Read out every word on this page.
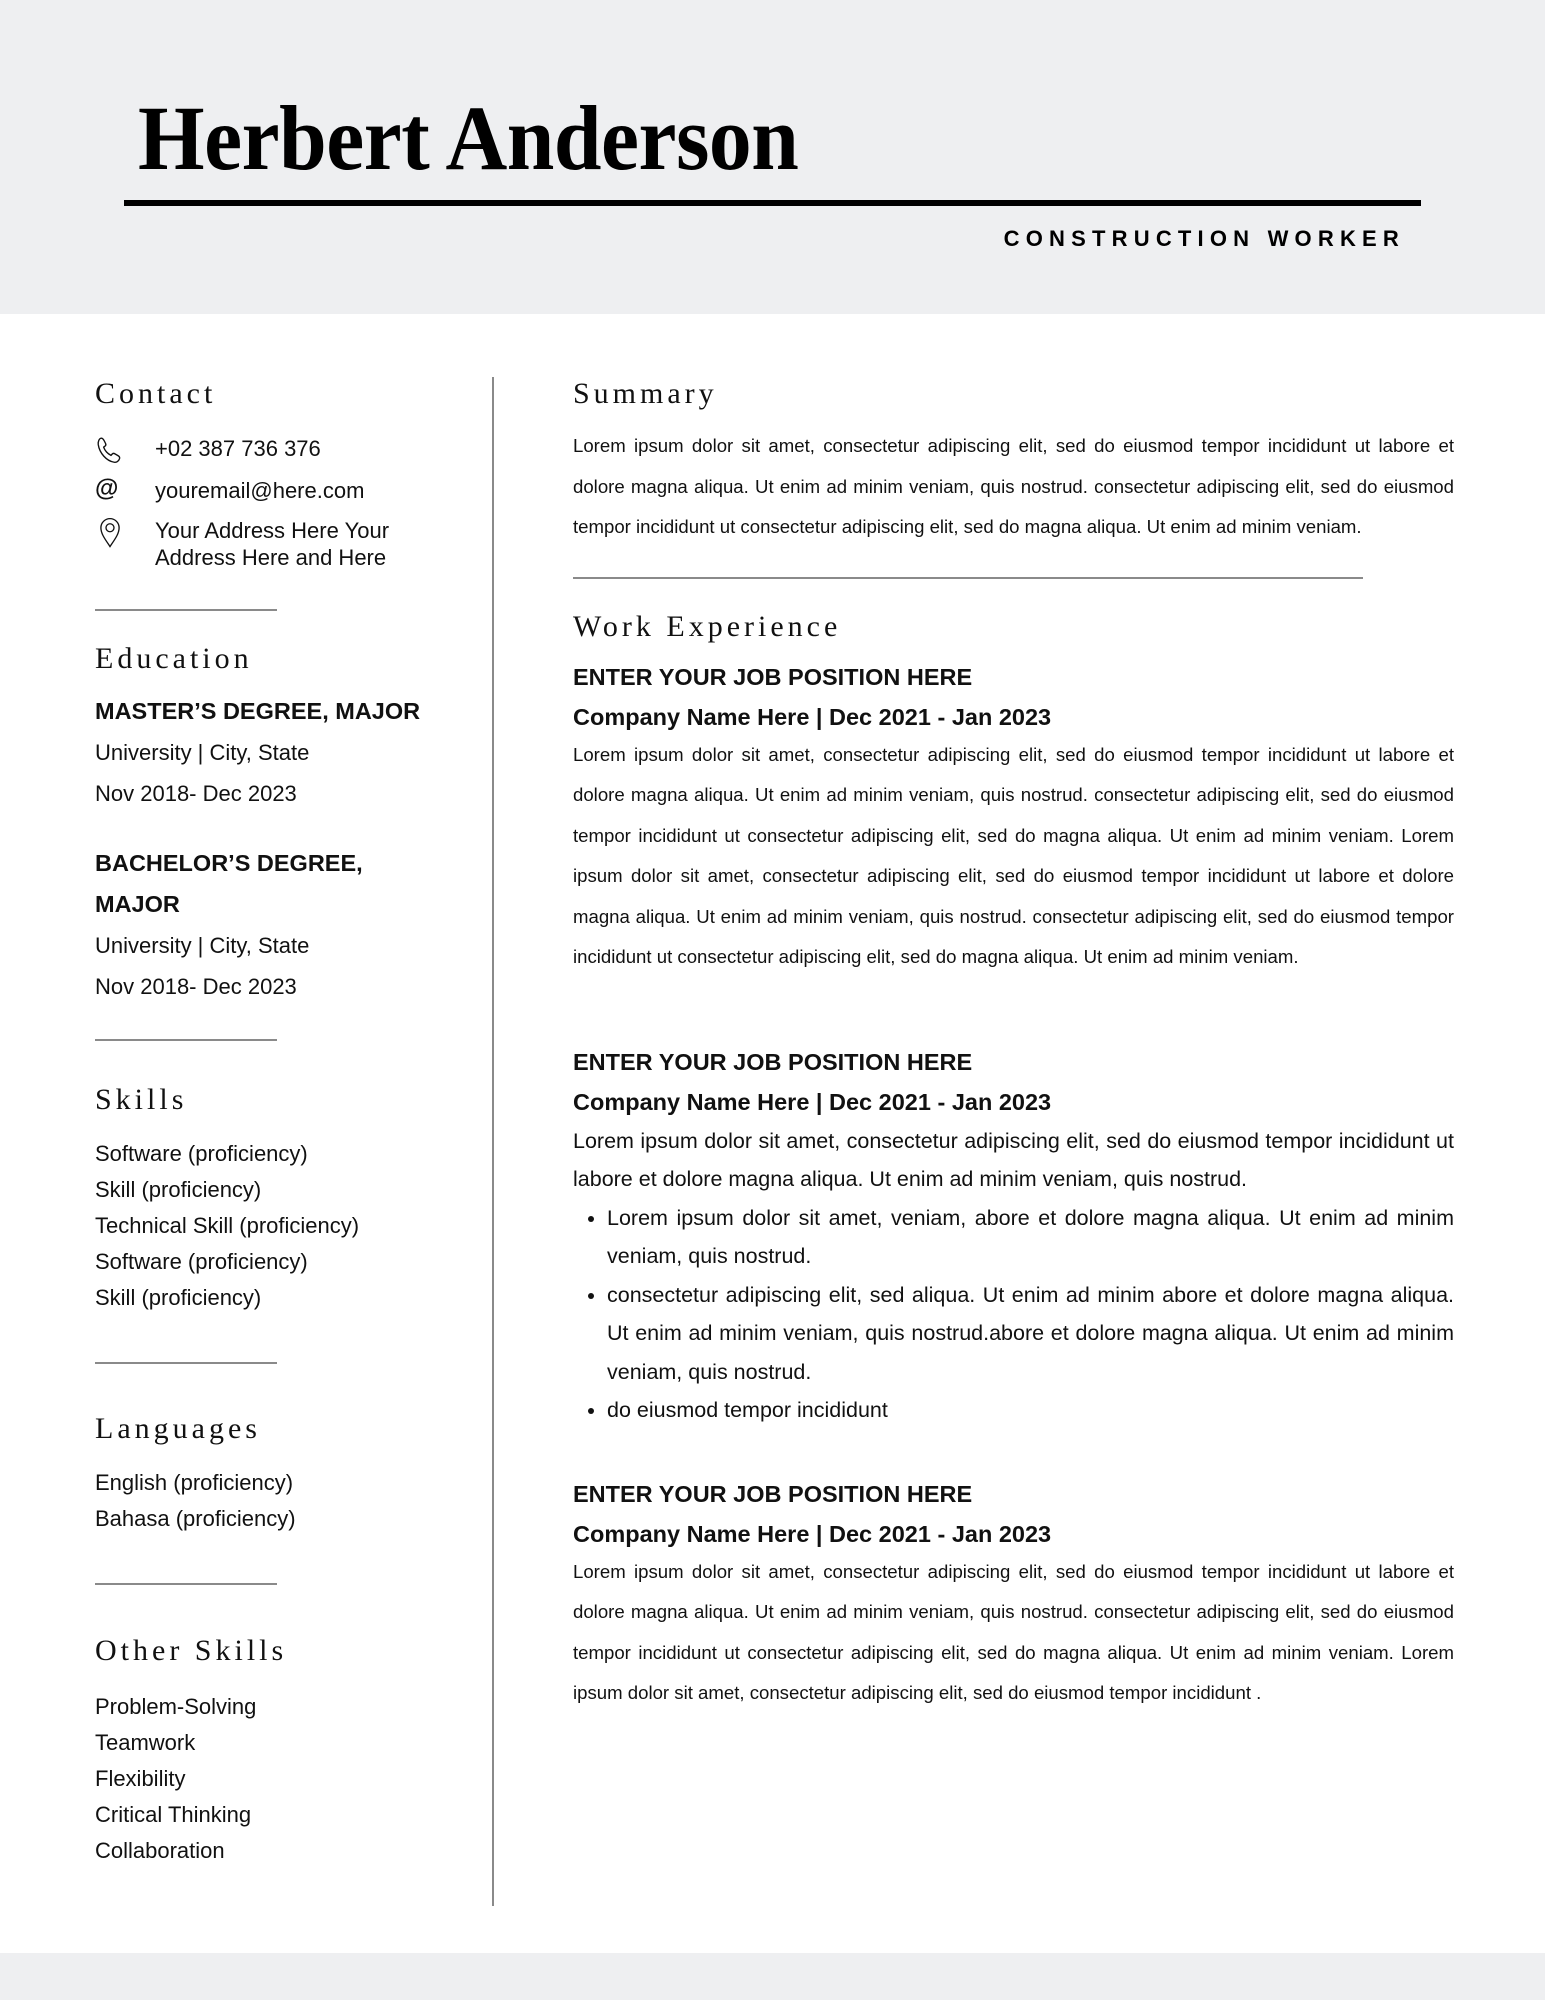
Herbert Anderson
CONSTRUCTION WORKER
Contact
+02 387 736 376
@ youremail@here.com
Your Address Here Your
Address Here and Here
Education
MASTER’S DEGREE, MAJOR
University | City, State
Nov 2018- Dec 2023
BACHELOR’S DEGREE,
MAJOR
University | City, State
Nov 2018- Dec 2023
Skills
Software (proficiency)
Skill (proficiency)
Technical Skill (proficiency)
Software (proficiency)
Skill (proficiency)
Languages
English (proficiency)
Bahasa (proficiency)
Other Skills
Problem-Solving
Teamwork
Flexibility
Critical Thinking
Collaboration
Summary

Lorem ipsum dolor sit amet, consectetur adipiscing elit, sed do eiusmod tempor incididunt ut labore et dolore magna aliqua. Ut enim ad minim veniam, quis nostrud. consectetur adipiscing elit, sed do eiusmod tempor incididunt ut consectetur adipiscing elit, sed do magna aliqua. Ut enim ad minim veniam.

Work Experience
ENTER YOUR JOB POSITION HERE
Company Name Here | Dec 2021 - Jan 2023

Lorem ipsum dolor sit amet, consectetur adipiscing elit, sed do eiusmod tempor incididunt ut labore et dolore magna aliqua. Ut enim ad minim veniam, quis nostrud. consectetur adipiscing elit, sed do eiusmod tempor incididunt ut consectetur adipiscing elit, sed do magna aliqua. Ut enim ad minim veniam. Lorem ipsum dolor sit amet, consectetur adipiscing elit, sed do eiusmod tempor incididunt ut labore et dolore magna aliqua. Ut enim ad minim veniam, quis nostrud. consectetur adipiscing elit, sed do eiusmod tempor incididunt ut consectetur adipiscing elit, sed do magna aliqua. Ut enim ad minim veniam.

ENTER YOUR JOB POSITION HERE
Company Name Here | Dec 2021 - Jan 2023

Lorem ipsum dolor sit amet, consectetur adipiscing elit, sed do eiusmod tempor incididunt ut labore et dolore magna aliqua. Ut enim ad minim veniam, quis nostrud.

• Lorem ipsum dolor sit amet, veniam, abore et dolore magna aliqua. Ut enim ad minim veniam, quis nostrud.
• consectetur adipiscing elit, sed aliqua. Ut enim ad minim abore et dolore magna aliqua. Ut enim ad minim veniam, quis nostrud.abore et dolore magna aliqua. Ut enim ad minim veniam, quis nostrud.
• do eiusmod tempor incididunt
ENTER YOUR JOB POSITION HERE
Company Name Here | Dec 2021 - Jan 2023

Lorem ipsum dolor sit amet, consectetur adipiscing elit, sed do eiusmod tempor incididunt ut labore et dolore magna aliqua. Ut enim ad minim veniam, quis nostrud. consectetur adipiscing elit, sed do eiusmod tempor incididunt ut consectetur adipiscing elit, sed do magna aliqua. Ut enim ad minim veniam. Lorem ipsum dolor sit amet, consectetur adipiscing elit, sed do eiusmod tempor incididunt .
